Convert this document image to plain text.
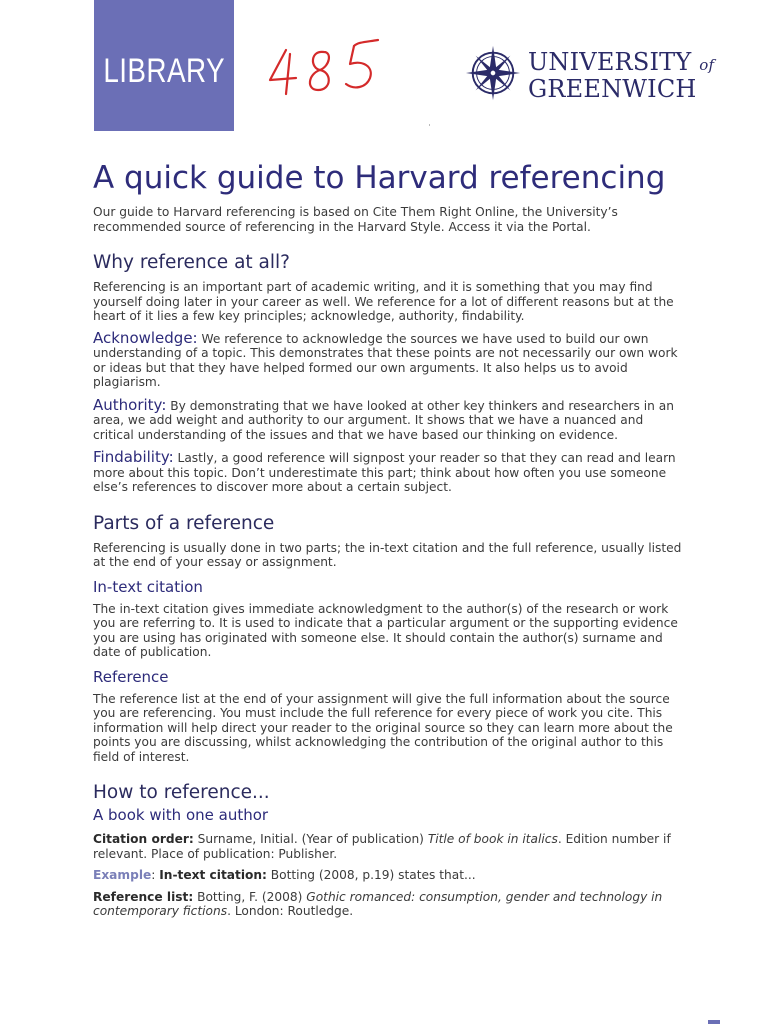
LIBRARY	UNIVERSITY of
GREENWICH
A quick guide to Harvard referencing

Our guide to Harvard referencing is based on Cite Them Right Online, the University’s recommended source of referencing in the Harvard Style. Access it via the Portal.

Why reference at all?

Referencing is an important part of academic writing, and it is something that you may find yourself doing later in your career as well. We reference for a lot of different reasons but at the heart of it lies a few key principles; acknowledge, authority, findability.

Acknowledge: We reference to acknowledge the sources we have used to build our own understanding of a topic. This demonstrates that these points are not necessarily our own work or ideas but that they have helped formed our own arguments. It also helps us to avoid plagiarism.

Authority: By demonstrating that we have looked at other key thinkers and researchers in an area, we add weight and authority to our argument. It shows that we have a nuanced and critical understanding of the issues and that we have based our thinking on evidence.

Findability: Lastly, a good reference will signpost your reader so that they can read and learn more about this topic. Don’t underestimate this part; think about how often you use someone else’s references to discover more about a certain subject.

Parts of a reference

Referencing is usually done in two parts; the in-text citation and the full reference, usually listed at the end of your essay or assignment.

In-text citation

The in-text citation gives immediate acknowledgment to the author(s) of the research or work you are referring to. It is used to indicate that a particular argument or the supporting evidence you are using has originated with someone else. It should contain the author(s) surname and date of publication.

Reference

The reference list at the end of your assignment will give the full information about the source you are referencing. You must include the full reference for every piece of work you cite. This information will help direct your reader to the original source so they can learn more about the points you are discussing, whilst acknowledging the contribution of the original author to this field of interest.

How to reference...
A book with one author

Citation order: Surname, Initial. (Year of publication) Title of book in italics. Edition number if relevant. Place of publication: Publisher.

Example: In-text citation: Botting (2008, p.19) states that...

Reference list: Botting, F. (2008) Gothic romanced: consumption, gender and technology in contemporary fictions. London: Routledge.
